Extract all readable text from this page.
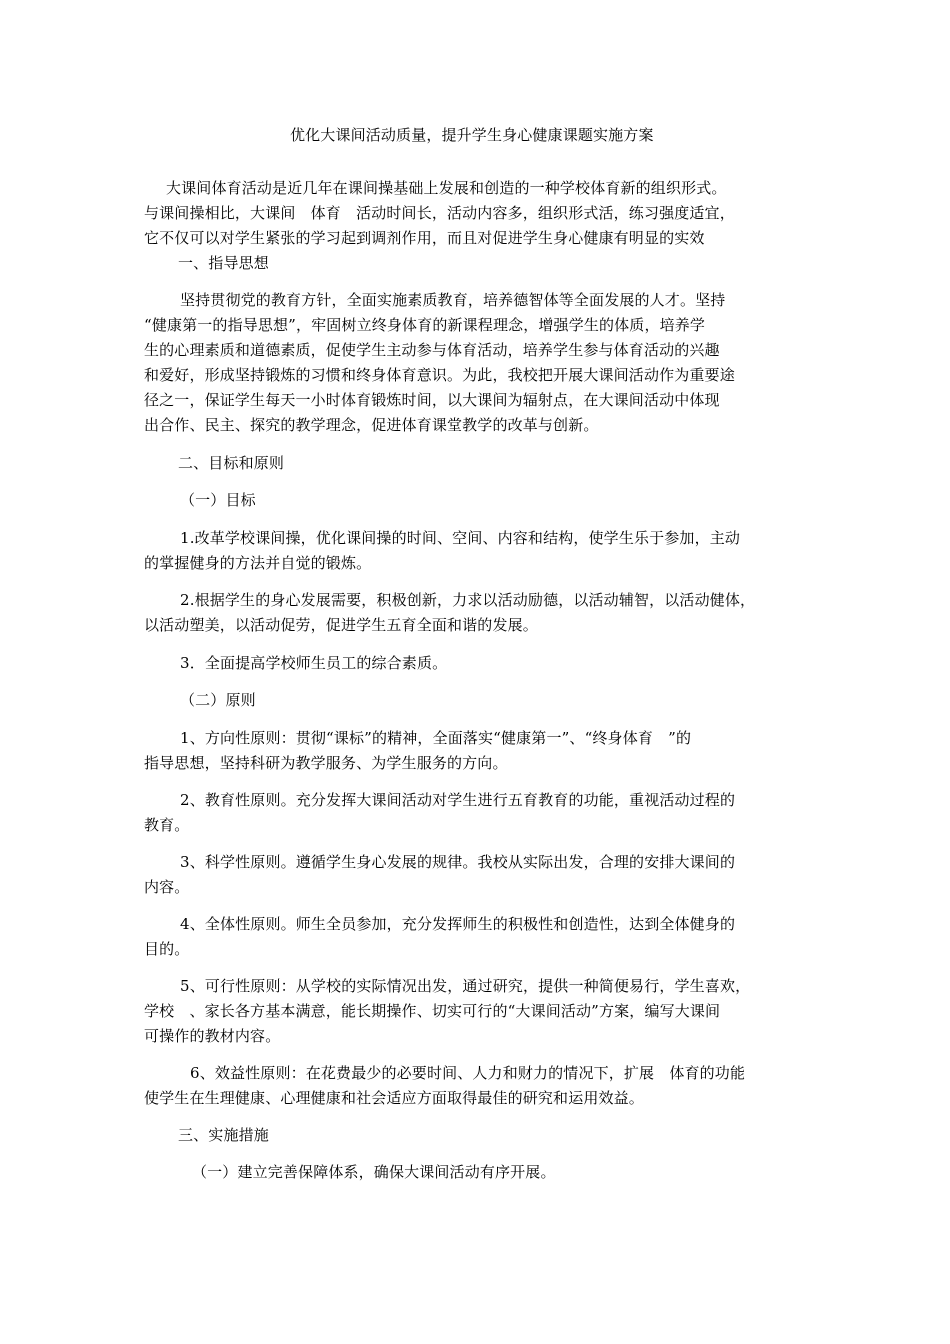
优化大课间活动质量，提升学生身心健康课题实施方案
大课间体育活动是近几年在课间操基础上发展和创造的一种学校体育新的组织形式。
与课间操相比，大课间　体育　活动时间长，活动内容多，组织形式活，练习强度适宜，
它不仅可以对学生紧张的学习起到调剂作用，而且对促进学生身心健康有明显的实效
一、指导思想
坚持贯彻党的教育方针，全面实施素质教育，培养德智体等全面发展的人才。坚持
“健康第一的指导思想”，牢固树立终身体育的新课程理念，增强学生的体质，培养学
生的心理素质和道德素质，促使学生主动参与体育活动，培养学生参与体育活动的兴趣
和爱好，形成坚持锻炼的习惯和终身体育意识。为此，我校把开展大课间活动作为重要途
径之一，保证学生每天一小时体育锻炼时间，以大课间为辐射点，在大课间活动中体现
出合作、民主、探究的教学理念，促进体育课堂教学的改革与创新。
二、目标和原则
（一）目标
1.改革学校课间操，优化课间操的时间、空间、内容和结构，使学生乐于参加，主动
的掌握健身的方法并自觉的锻炼。
2.根据学生的身心发展需要，积极创新，力求以活动励德，以活动辅智，以活动健体，
以活动塑美，以活动促劳，促进学生五育全面和谐的发展。
3．全面提高学校师生员工的综合素质。
（二）原则
1、方向性原则：贯彻“课标”的精神，全面落实“健康第一”、“终身体育　”的
指导思想，坚持科研为教学服务、为学生服务的方向。
2、教育性原则。充分发挥大课间活动对学生进行五育教育的功能，重视活动过程的
教育。
3、科学性原则。遵循学生身心发展的规律。我校从实际出发，合理的安排大课间的
内容。
4、全体性原则。师生全员参加，充分发挥师生的积极性和创造性，达到全体健身的
目的。
5、可行性原则：从学校的实际情况出发，通过研究，提供一种简便易行，学生喜欢，
学校　、家长各方基本满意，能长期操作、切实可行的“大课间活动”方案，编写大课间
可操作的教材内容。
6、效益性原则：在花费最少的必要时间、人力和财力的情况下，扩展　体育的功能
使学生在生理健康、心理健康和社会适应方面取得最佳的研究和运用效益。
三、实施措施
（一）建立完善保障体系，确保大课间活动有序开展。
